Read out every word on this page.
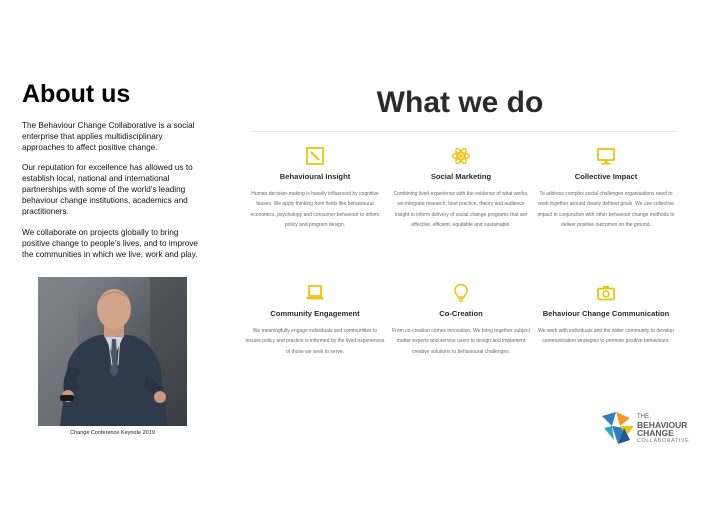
About us

The Behaviour Change Collaborative is a social enterprise that applies multidisciplinary approaches to affect positive change.

Our reputation for excellence has allowed us to establish local, national and international partnerships with some of the world’s leading behaviour change institutions, academics and practitioners.

We collaborate on projects globally to bring positive change to people’s lives, and to improve the communities in which we live, work and play.

Change Conference Keynote 2019
What we do
Behavioural Insight

Human decision-making is heavily influenced by cognitive biases. We apply thinking from fields like behavioural economics, psychology and consumer behaviour to inform policy and program design.

Social Marketing

Combining lived experience with the evidence of what works, we integrate research, best practice, theory and audience insight to inform delivery of social change programs that are effective, efficient, equitable and sustainable.

Collective Impact

To address complex social challenges organisations need to work together around clearly defined goals. We use collective impact in conjunction with other behaviour change methods to deliver positive outcomes on the ground.

Community Engagement

We meaningfully engage individuals and communities to ensure policy and practice is informed by the lived experiences of those we seek to serve.

Co-Creation

From co-creation comes innovation. We bring together subject matter experts and service users to design and implement creative solutions to behavioural challenges.

Behaviour Change Communication

We work with individuals and the wider community to develop communication strategies to promote positive behaviours.

THE
BEHAVIOUR
CHANGE
COLLABORATIVE
